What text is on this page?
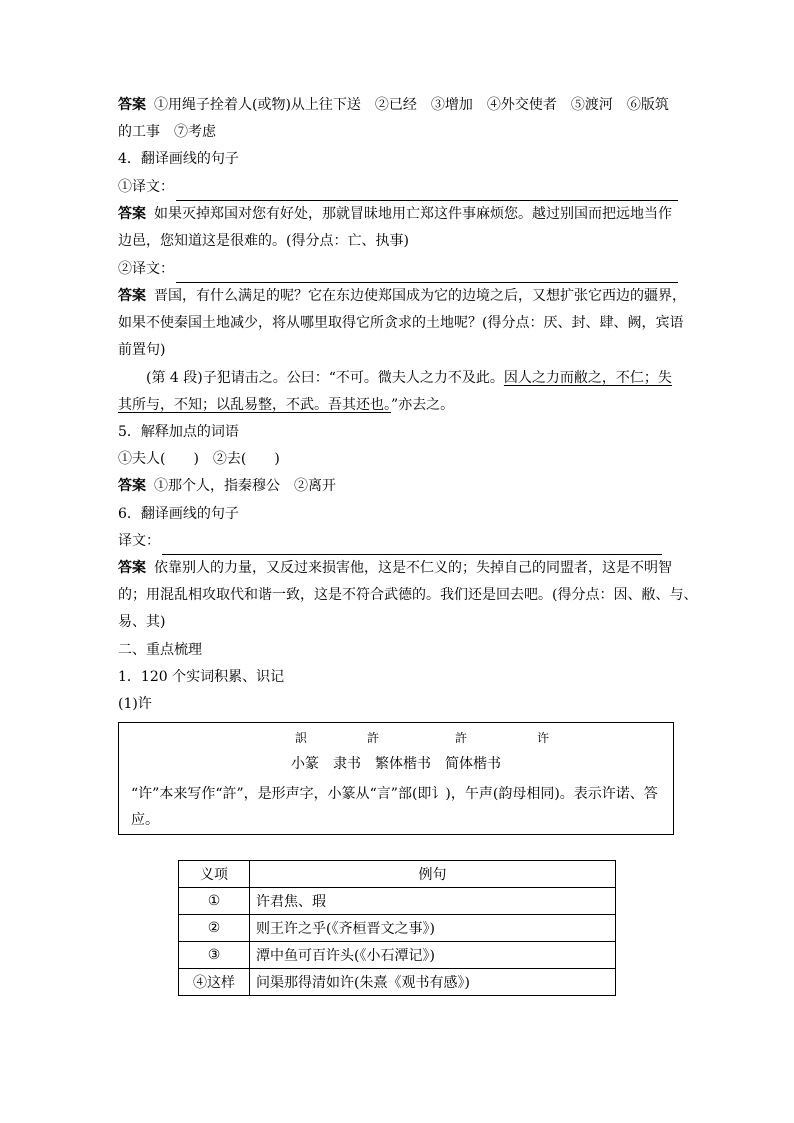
答案 ①用绳子拴着人(或物)从上往下送　②已经　③增加　④外交使者　⑤渡河　⑥版筑
的工事　⑦考虑
4．翻译画线的句子
①译文：
答案 如果灭掉郑国对您有好处，那就冒昧地用亡郑这件事麻烦您。越过别国而把远地当作
边邑，您知道这是很难的。(得分点：亡、执事)
②译文：
答案 晋国，有什么满足的呢？它在东边使郑国成为它的边境之后，又想扩张它西边的疆界，
如果不使秦国土地减少，将从哪里取得它所贪求的土地呢？(得分点：厌、封、肆、阙，宾语
前置句)
(第 4 段)子犯请击之。公曰：“不可。微夫人之力不及此。因人之力而敝之，不仁；失
其所与，不知；以乱易整，不武。吾其还也。”亦去之。
5．解释加点的词语
①夫人(　　)　②去(　　)
答案 ①那个人，指秦穆公　②离开
6．翻译画线的句子
译文：
答案 依靠别人的力量，又反过来损害他，这是不仁义的；失掉自己的同盟者，这是不明智
的；用混乱相攻取代和谐一致，这是不符合武德的。我们还是回去吧。(得分点：因、敝、与、
易、其)
二、重点梳理
1．120 个实词积累、识记
(1)许
䛊	許	許	许
小篆　隶书　繁体楷书　简体楷书
“许”本来写作“許”，是形声字，小篆从“言”部(即讠)，午声(韵母相同)。表示许诺、答应。
义项	例句
①	许君焦、瑕
②	则王许之乎(《齐桓晋文之事》)
③	潭中鱼可百许头(《小石潭记》)
④这样	问渠那得清如许(朱熹《观书有感》)
